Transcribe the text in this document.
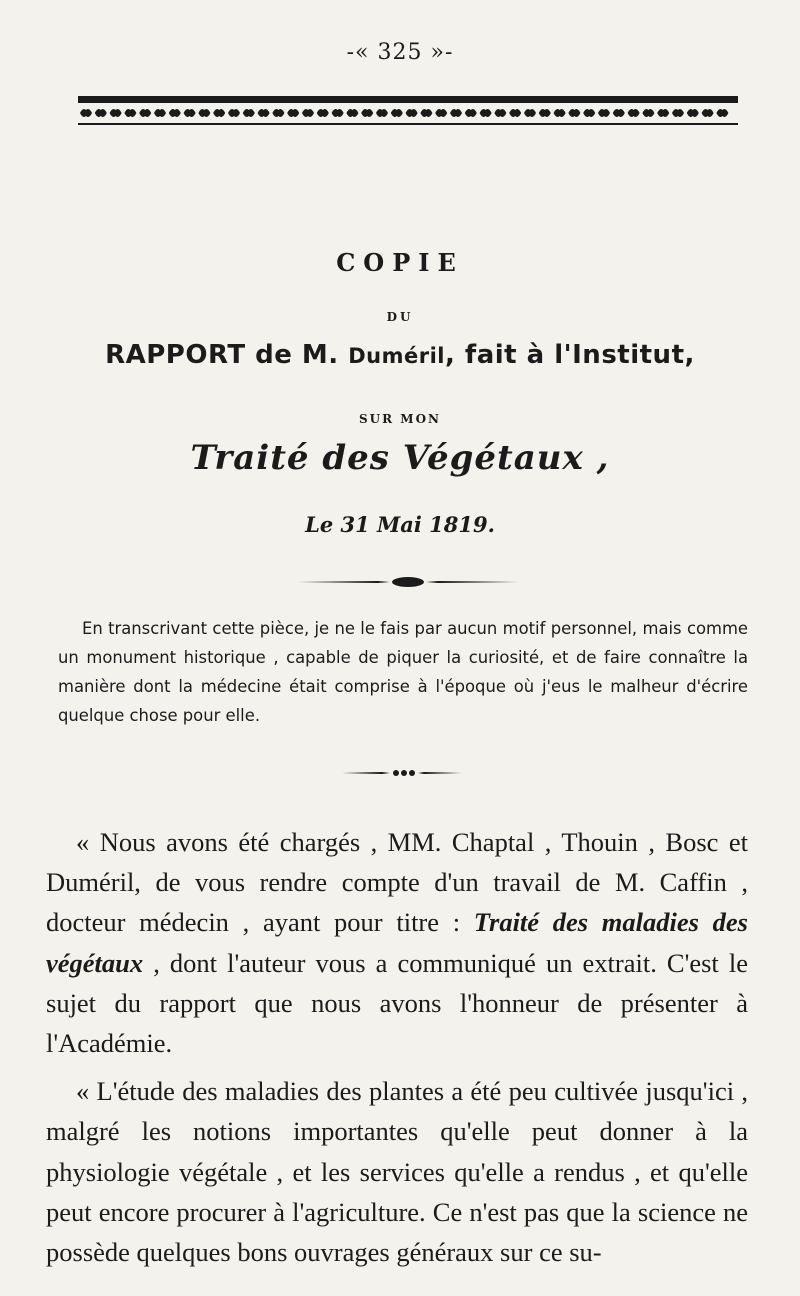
-« 325 »-
COPIE
DU
RAPPORT de M. Duméril, fait à l'Institut,
SUR MON
Traité des Végétaux ,
Le 31 Mai 1819.

En transcrivant cette pièce, je ne le fais par aucun motif personnel, mais comme un monument historique , capable de piquer la curiosité, et de faire connaître la manière dont la médecine était comprise à l'époque où j'eus le malheur d'écrire quelque chose pour elle.

« Nous avons été chargés , MM. Chaptal , Thouin , Bosc et Duméril, de vous rendre compte d'un travail de M. Caffin , docteur médecin , ayant pour titre : Traité des maladies des végétaux , dont l'auteur vous a communiqué un extrait. C'est le sujet du rapport que nous avons l'honneur de présenter à l'Académie.

« L'étude des maladies des plantes a été peu cultivée jusqu'ici , malgré les notions importantes qu'elle peut donner à la physiologie végétale , et les services qu'elle a rendus , et qu'elle peut encore procurer à l'agriculture. Ce n'est pas que la science ne possède quelques bons ouvrages généraux sur ce su-
